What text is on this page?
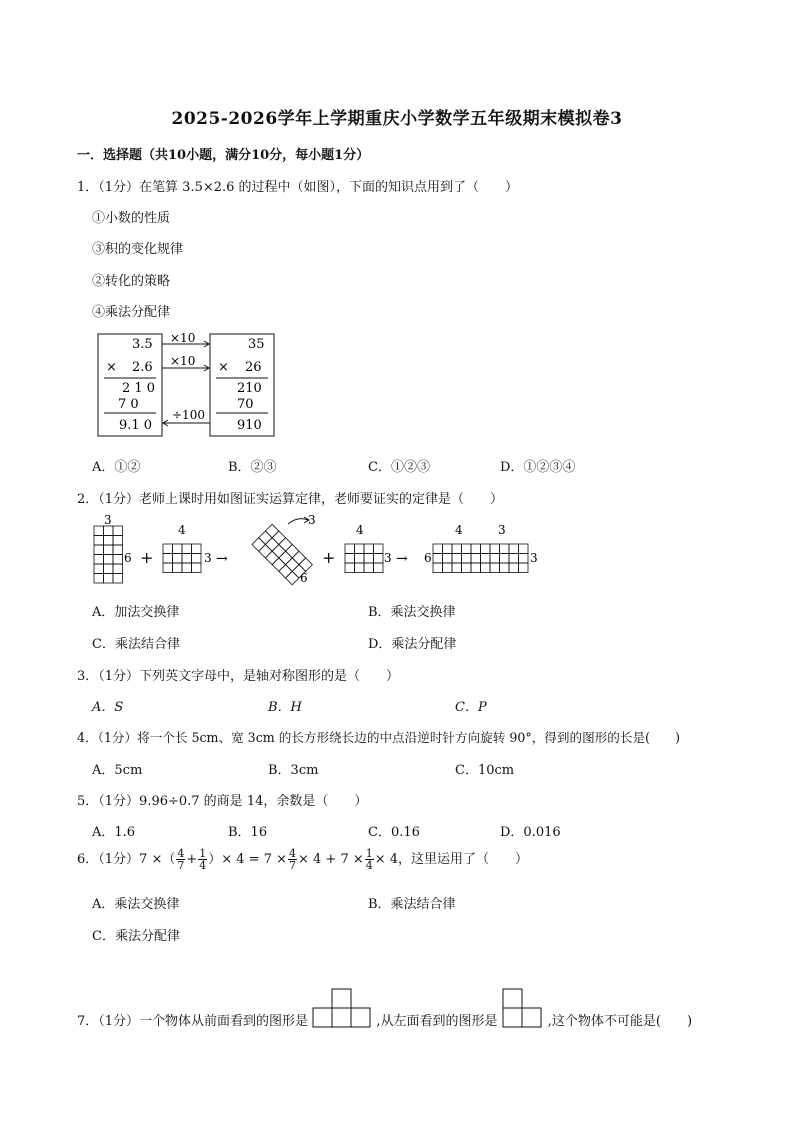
2025-2026学年上学期重庆小学数学五年级期末模拟卷3
一．选择题（共10小题，满分10分，每小题1分）
1．（1分）在笔算 3.5×2.6 的过程中（如图），下面的知识点用到了（　　）
①小数的性质
③积的变化规律
②转化的策略
④乘法分配律
3.5
× 2.6
2 1 0
7 0
9.1 0
35
× 26
210
70
910
×10
×10
÷100
A．①②	B．②③	C．①②③	D．①②③④
2．（1分）老师上课时用如图证实运算定律，老师要证实的定律是（　　）
3
6 +
4
3 →
3
6
+
4
3 → 6
4	3
3
A．加法交换律	B．乘法交换律
C．乘法结合律	D．乘法分配律
3．（1分）下列英文字母中，是轴对称图形的是（　　）
A．S	B．H	C．P
4．（1分）将一个长 5cm、宽 3cm 的长方形绕长边的中点沿逆时针方向旋转 90°，得到的图形的长是(　　)
A．5cm	B．3cm	C．10cm
5．（1分）9.96÷0.7 的商是 14，余数是（　　）
A．1.6	B．16	C．0.16	D．0.016
6．（1分）7 ×（ $\frac{4}{7} + \frac{1}{4}$ ）× $4 = 7 \times \frac{4}{7} \times 4 + 7 \times \frac{1}{4} \times 4$，这里运用了（　　）
A．乘法交换律	B．乘法结合律
C．乘法分配律
7．（1分）一个物体从前面看到的图形是	,从左面看到的图形是	,这个物体不可能是(　　)
